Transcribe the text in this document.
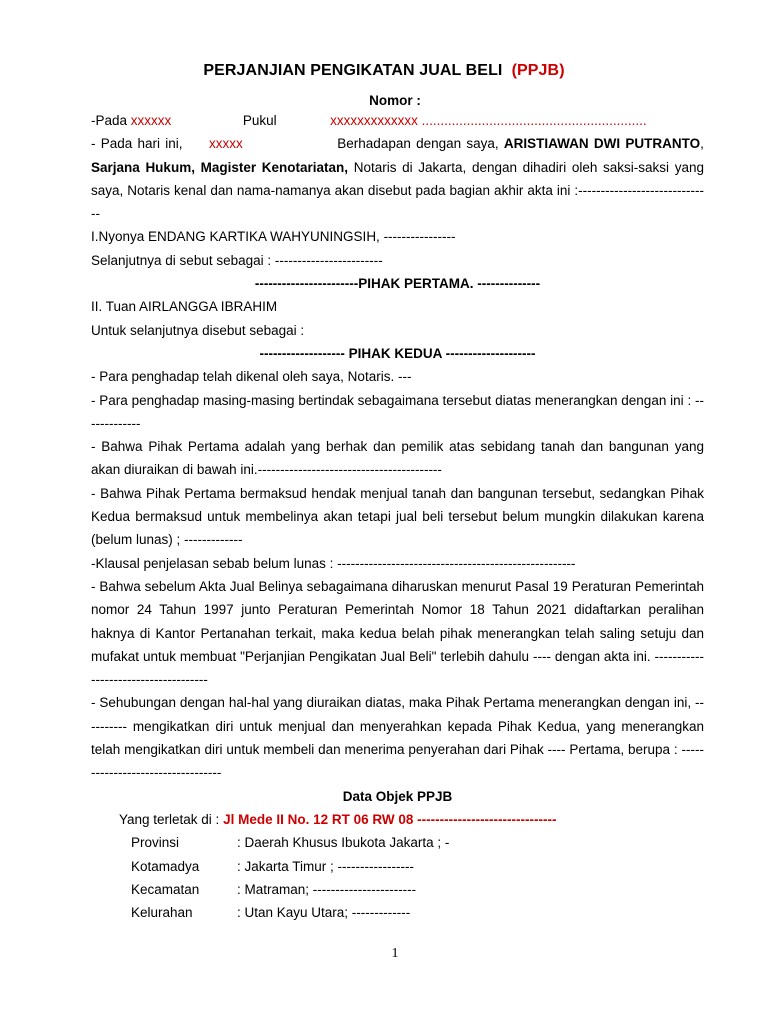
PERJANJIAN PENGIKATAN JUAL BELI (PPJB)
Nomor :

-Pada xxxxxx	Pukul	xxxxxxxxxxxxx ............................................................

- Pada hari ini, xxxxx	Berhadapan dengan saya, ARISTIAWAN DWI PUTRANTO, Sarjana Hukum, Magister Kenotariatan, Notaris di Jakarta, dengan dihadiri oleh saksi-saksi yang saya, Notaris kenal dan nama-namanya akan disebut pada bagian akhir akta ini :------------------------------

I.Nyonya ENDANG KARTIKA WAHYUNINGSIH, ----------------

Selanjutnya di sebut sebagai : ------------------------

-----------------------PIHAK PERTAMA. --------------

II. Tuan AIRLANGGA IBRAHIM

Untuk selanjutnya disebut sebagai :

------------------- PIHAK KEDUA --------------------

- Para penghadap telah dikenal oleh saya, Notaris. ---

- Para penghadap masing-masing bertindak sebagaimana tersebut diatas menerangkan dengan ini : -------------

- Bahwa Pihak Pertama adalah yang berhak dan pemilik atas sebidang tanah dan bangunan yang akan diuraikan di bawah ini.-----------------------------------------

- Bahwa Pihak Pertama bermaksud hendak menjual tanah dan bangunan tersebut, sedangkan Pihak Kedua bermaksud untuk membelinya akan tetapi jual beli tersebut belum mungkin dilakukan karena (belum lunas) ; -------------

-Klausal penjelasan sebab belum lunas : -----------------------------------------------------

- Bahwa sebelum Akta Jual Belinya sebagaimana diharuskan menurut Pasal 19 Peraturan Pemerintah nomor 24 Tahun 1997 junto Peraturan Pemerintah Nomor 18 Tahun 2021 didaftarkan peralihan haknya di Kantor Pertanahan terkait, maka kedua belah pihak menerangkan telah saling setuju dan mufakat untuk membuat "Perjanjian Pengikatan Jual Beli" terlebih dahulu ---- dengan akta ini. -------------------------------------

- Sehubungan dengan hal-hal yang diuraikan diatas, maka Pihak Pertama menerangkan dengan ini, ---------- mengikatkan diri untuk menjual dan menyerahkan kepada Pihak Kedua, yang menerangkan telah mengikatkan diri untuk membeli dan menerima penyerahan dari Pihak ---- Pertama, berupa : ----------------------------------

Data Objek PPJB

Yang terletak di : Jl Mede II No. 12 RT 06 RW 08 -------------------------------

Provinsi	: Daerah Khusus Ibukota Jakarta ; -
Kotamadya	: Jakarta Timur ; -----------------
Kecamatan	: Matraman; -----------------------
Kelurahan	: Utan Kayu Utara; -------------
1
